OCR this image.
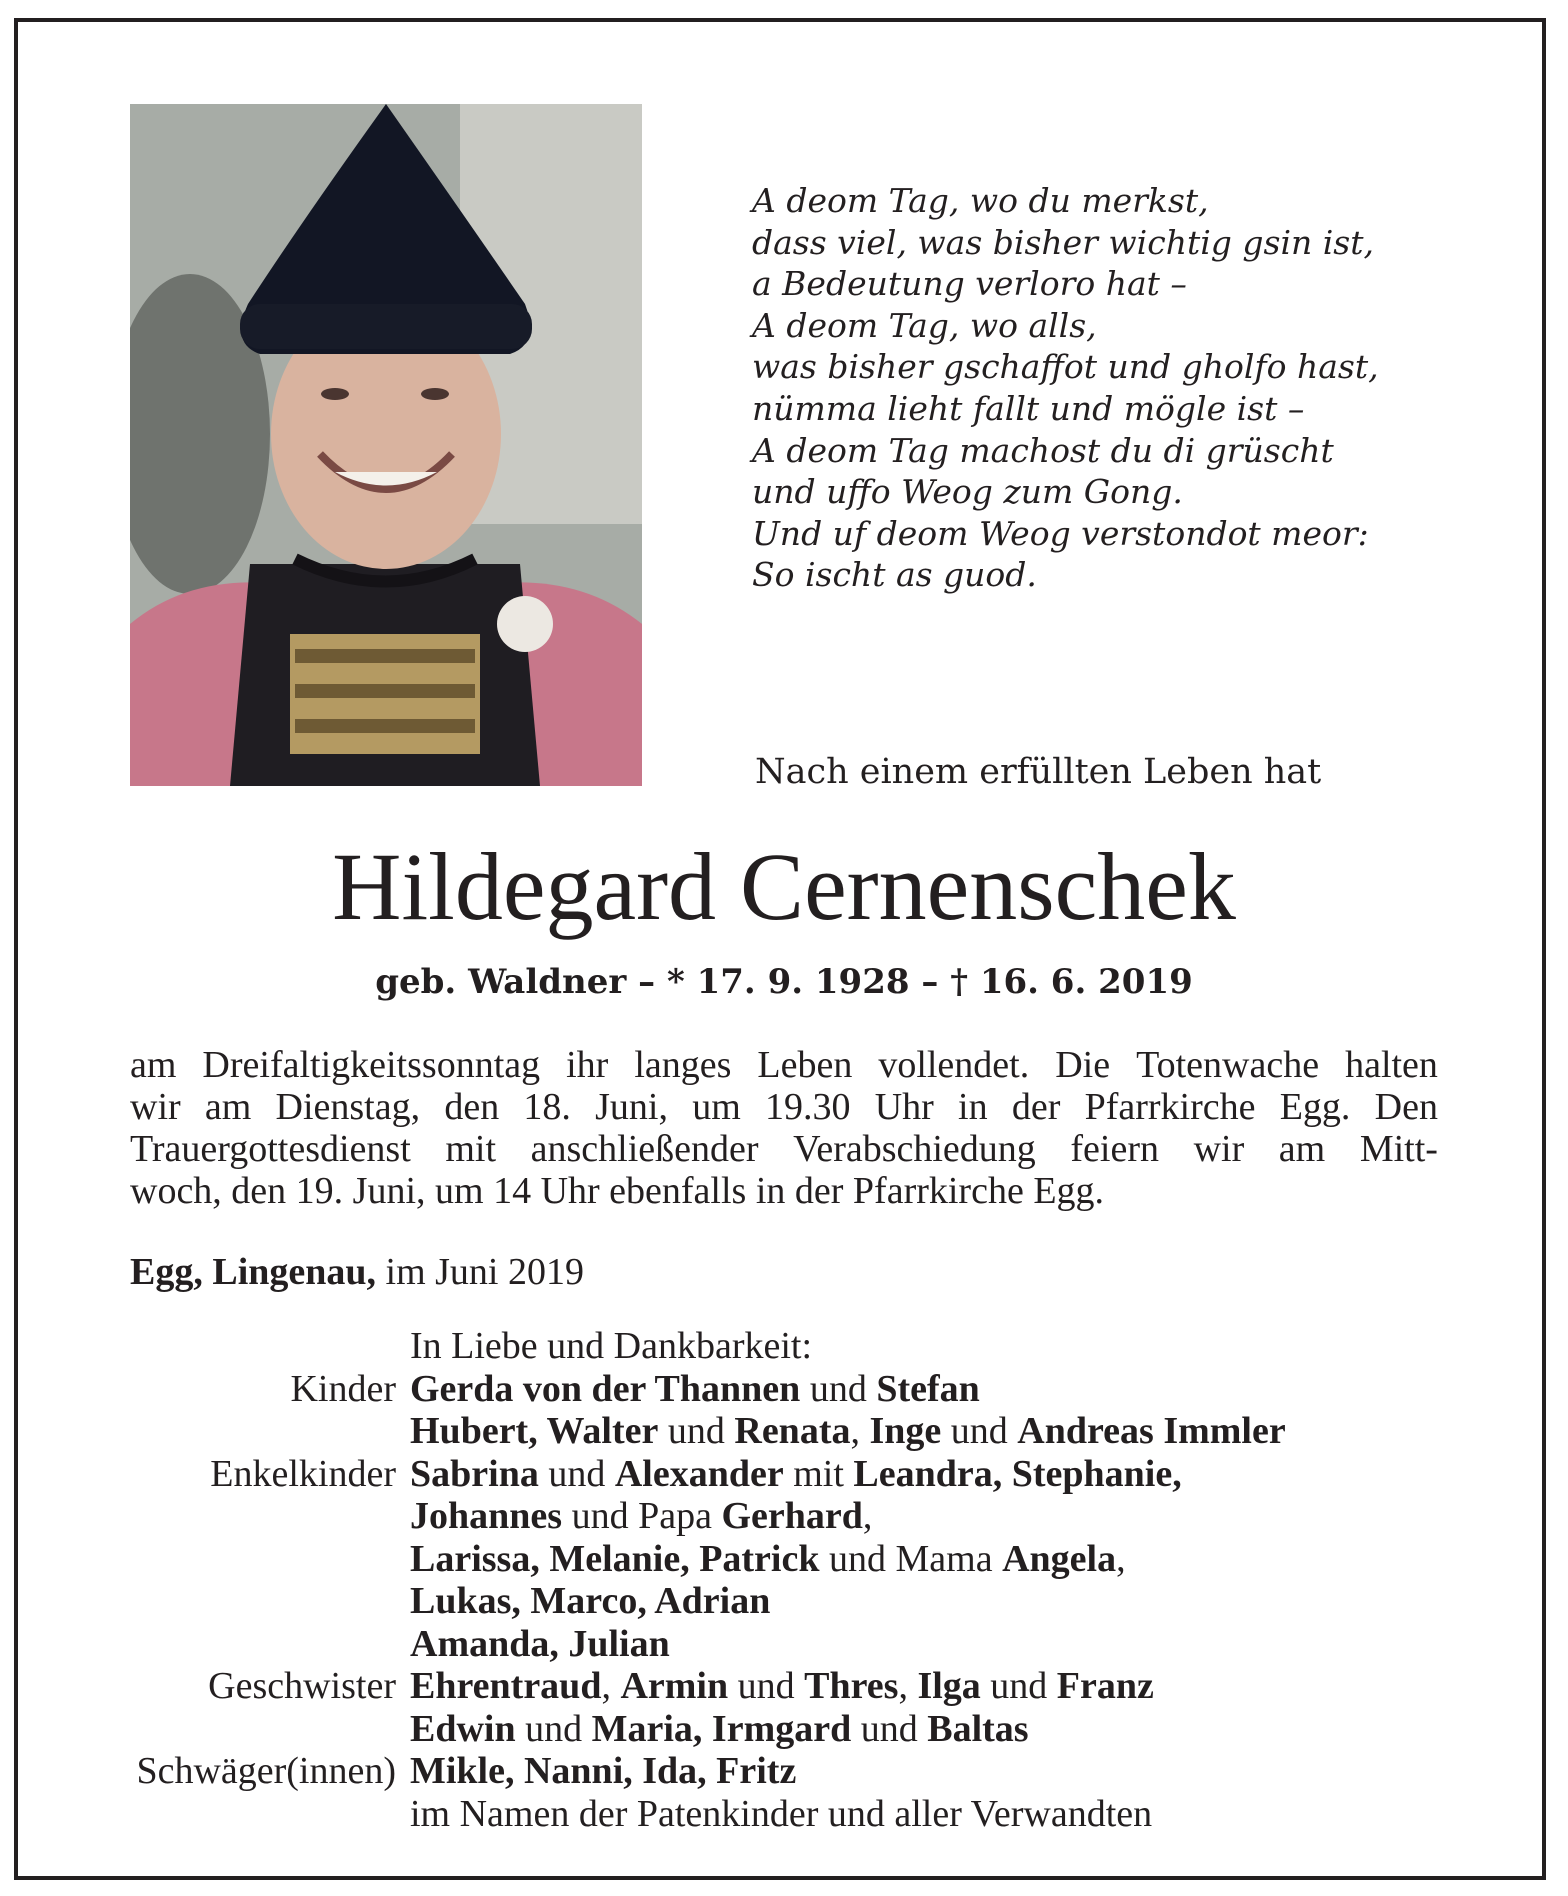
A deom Tag, wo du merkst,
dass viel, was bisher wichtig gsin ist,
a Bedeutung verloro hat –
A deom Tag, wo alls,
was bisher gschaffot und gholfo hast,
nümma lieht fallt und mögle ist –
A deom Tag machost du di grüscht
und uffo Weog zum Gong.
Und uf deom Weog verstondot meor:
So ischt as guod.
Nach einem erfüllten Leben hat
Hildegard Cernenschek
geb. Waldner – * 17. 9. 1928 – † 16. 6. 2019
am Dreifaltigkeitssonntag ihr langes Leben vollendet. Die Totenwache halten
wir am Dienstag, den 18. Juni, um 19.30 Uhr in der Pfarrkirche Egg. Den
Trauergottesdienst mit anschließender Verabschiedung feiern wir am Mitt-
woch, den 19. Juni, um 14 Uhr ebenfalls in der Pfarrkirche Egg.
Egg, Lingenau, im Juni 2019
In Liebe und Dankbarkeit:
Kinder Gerda von der Thannen und Stefan
Hubert, Walter und Renata, Inge und Andreas Immler
Enkelkinder Sabrina und Alexander mit Leandra, Stephanie,
Johannes und Papa Gerhard,
Larissa, Melanie, Patrick und Mama Angela,
Lukas, Marco, Adrian
Amanda, Julian
Geschwister Ehrentraud, Armin und Thres, Ilga und Franz
Edwin und Maria, Irmgard und Baltas
Schwäger(innen) Mikle, Nanni, Ida, Fritz
im Namen der Patenkinder und aller Verwandten
